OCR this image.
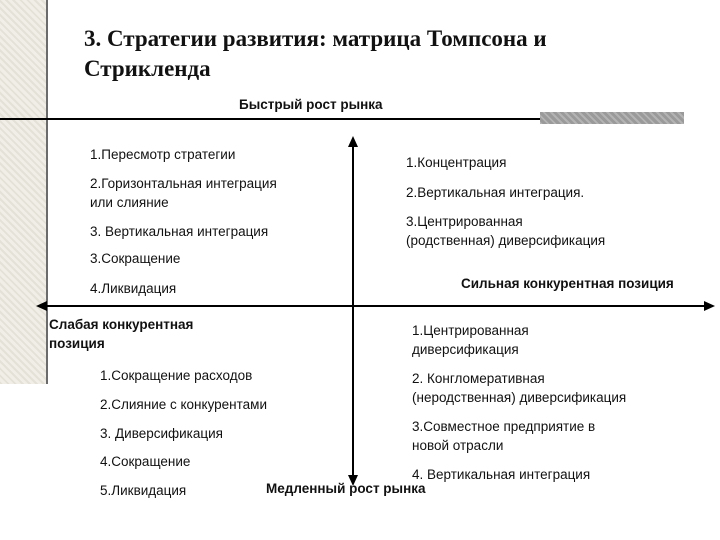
3. Стратегии развития: матрица Томпсона и
Стрикленда
Быстрый рост рынка
Сильная конкурентная позиция
Слабая конкурентная
позиция
Медленный рост рынка
1.Пересмотр стратегии
2.Горизонтальная интеграция
или слияние
3. Вертикальная интеграция
3.Сокращение
4.Ликвидация
1.Концентрация
2.Вертикальная интеграция.
3.Центрированная
(родственная) диверсификация
1.Сокращение расходов
2.Слияние с конкурентами
3. Диверсификация
4.Сокращение
5.Ликвидация
1.Центрированная
диверсификация
2. Конгломеративная
(неродственная) диверсификация
3.Совместное предприятие в
новой отрасли
4. Вертикальная интеграция
